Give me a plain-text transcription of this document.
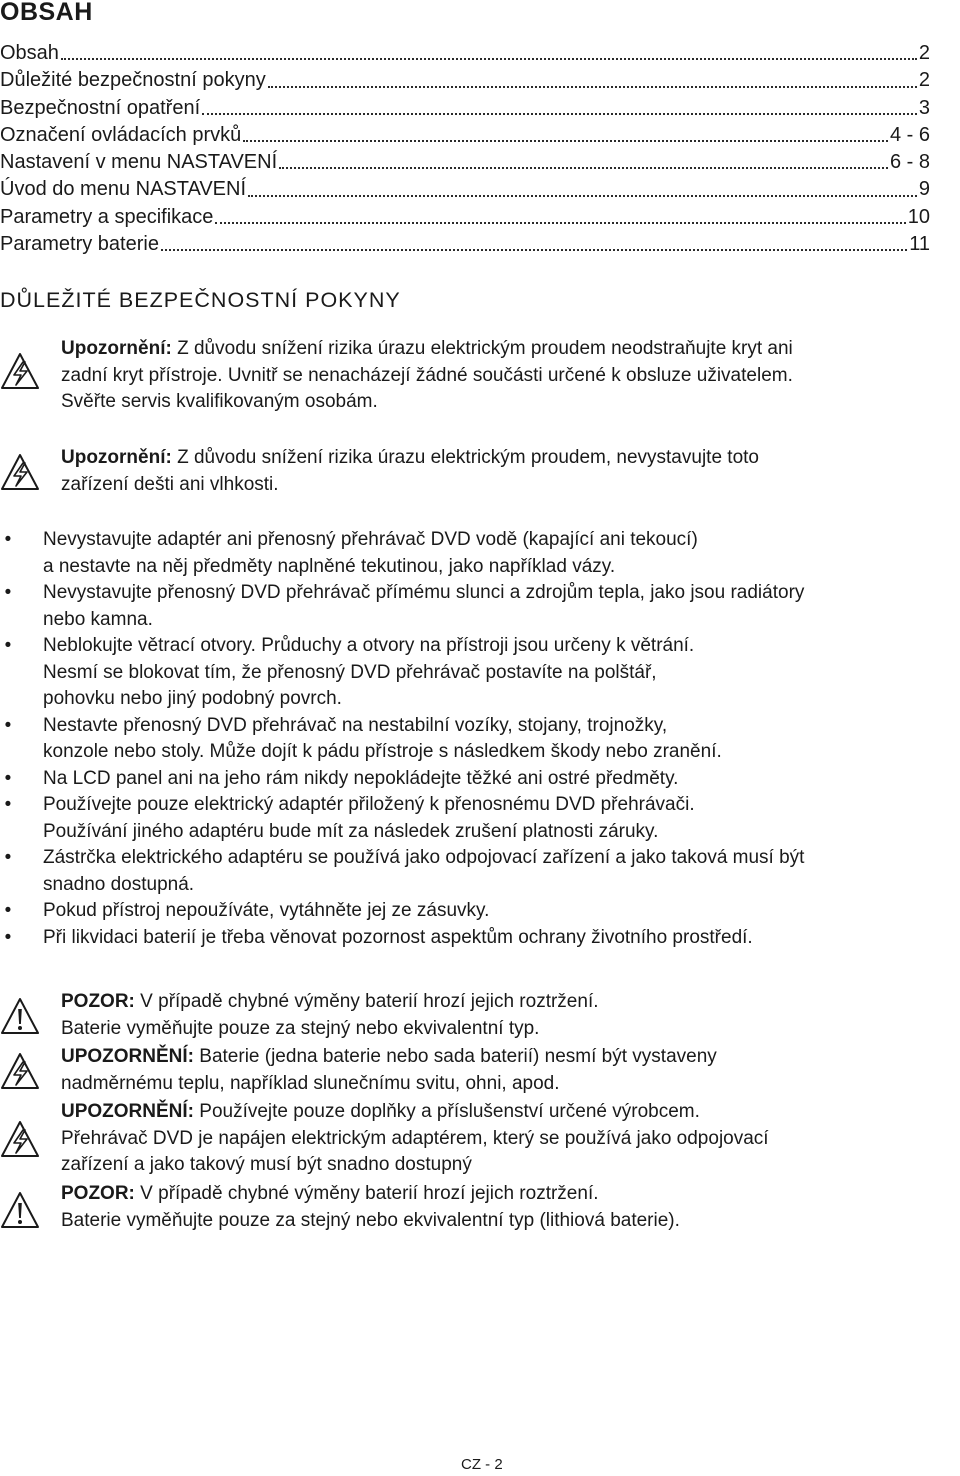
OBSAH
Obsah	2
Důležité bezpečnostní pokyny	2
Bezpečnostní opatření	3
Označení ovládacích prvků	4 - 6
Nastavení v menu NASTAVENÍ	6 - 8
Úvod do menu NASTAVENÍ	9
Parametry a specifikace	10
Parametry baterie	11
DŮLEŽITÉ BEZPEČNOSTNÍ POKYNY
Upozornění: Z důvodu snížení rizika úrazu elektrickým proudem neodstraňujte kryt ani
zadní kryt přístroje. Uvnitř se nenacházejí žádné součásti určené k obsluze uživatelem.
Svěřte servis kvalifikovaným osobám.
Upozornění: Z důvodu snížení rizika úrazu elektrickým proudem, nevystavujte toto
zařízení dešti ani vlhkosti.
• Nevystavujte adaptér ani přenosný přehrávač DVD vodě (kapající ani tekoucí)
a nestavte na něj předměty naplněné tekutinou, jako například vázy.
• Nevystavujte přenosný DVD přehrávač přímému slunci a zdrojům tepla, jako jsou radiátory
nebo kamna.
• Neblokujte větrací otvory. Průduchy a otvory na přístroji jsou určeny k větrání.
Nesmí se blokovat tím, že přenosný DVD přehrávač postavíte na polštář,
pohovku nebo jiný podobný povrch.
• Nestavte přenosný DVD přehrávač na nestabilní vozíky, stojany, trojnožky,
konzole nebo stoly. Může dojít k pádu přístroje s následkem škody nebo zranění.
• Na LCD panel ani na jeho rám nikdy nepokládejte těžké ani ostré předměty.
• Používejte pouze elektrický adaptér přiložený k přenosnému DVD přehrávači.
Používání jiného adaptéru bude mít za následek zrušení platnosti záruky.
• Zástrčka elektrického adaptéru se používá jako odpojovací zařízení a jako taková musí být
snadno dostupná.
• Pokud přístroj nepoužíváte, vytáhněte jej ze zásuvky.
• Při likvidaci baterií je třeba věnovat pozornost aspektům ochrany životního prostředí.
POZOR: V případě chybné výměny baterií hrozí jejich roztržení.
Baterie vyměňujte pouze za stejný nebo ekvivalentní typ.
UPOZORNĚNÍ: Baterie (jedna baterie nebo sada baterií) nesmí být vystaveny
nadměrnému teplu, například slunečnímu svitu, ohni, apod.
UPOZORNĚNÍ: Používejte pouze doplňky a příslušenství určené výrobcem.
Přehrávač DVD je napájen elektrickým adaptérem, který se používá jako odpojovací
zařízení a jako takový musí být snadno dostupný
POZOR: V případě chybné výměny baterií hrozí jejich roztržení.
Baterie vyměňujte pouze za stejný nebo ekvivalentní typ (lithiová baterie).
CZ - 2
